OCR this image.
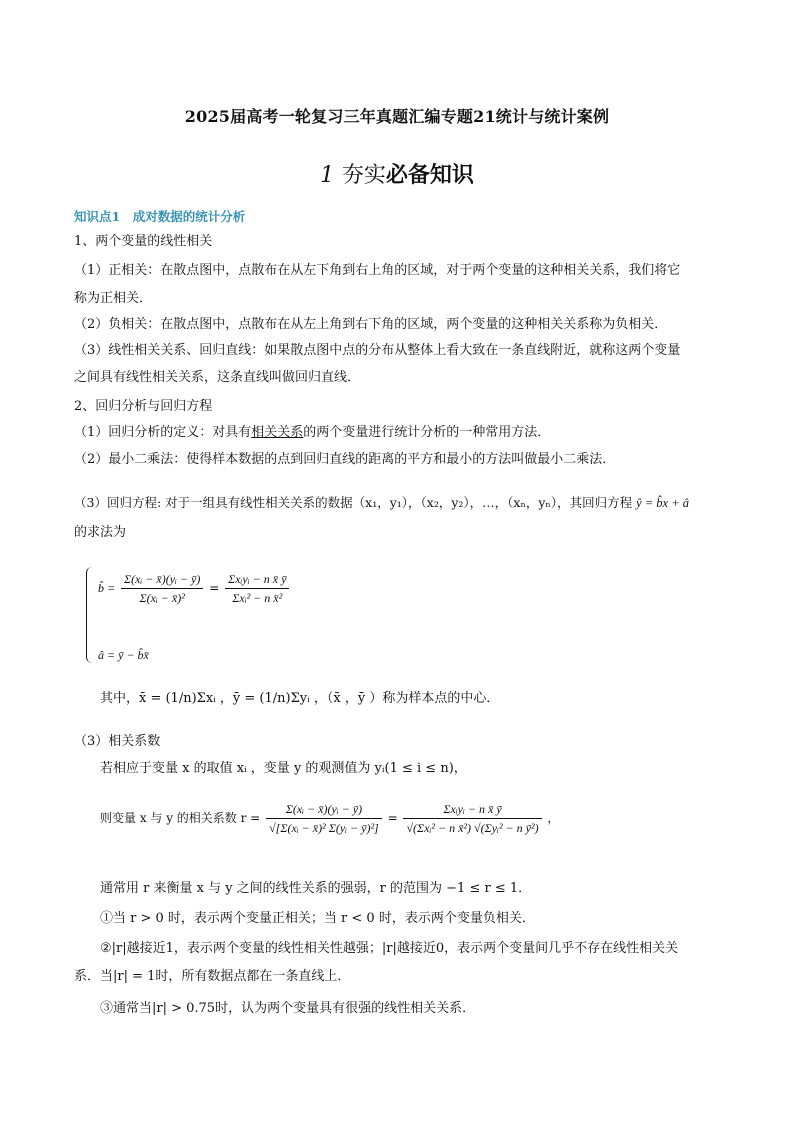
2025届高考一轮复习三年真题汇编专题21统计与统计案例
1 夯实必备知识
知识点1　成对数据的统计分析
1、两个变量的线性相关
（1）正相关：在散点图中，点散布在从左下角到右上角的区域，对于两个变量的这种相关关系，我们将它
称为正相关．
（2）负相关：在散点图中，点散布在从左上角到右下角的区域，两个变量的这种相关关系称为负相关．
（3）线性相关关系、回归直线：如果散点图中点的分布从整体上看大致在一条直线附近，就称这两个变量
之间具有线性相关关系，这条直线叫做回归直线．
2、回归分析与回归方程
（1）回归分析的定义：对具有相关关系的两个变量进行统计分析的一种常用方法．
（2）最小二乘法：使得样本数据的点到回归直线的距离的平方和最小的方法叫做最小二乘法．
（3）回归方程: 对于一组具有线性相关关系的数据（x₁，y₁），（x₂，y₂），…，（xₙ，yₙ），其回归方程 ŷ = b̂x + â
的求法为
b̂ = $\frac{\text{Σ(xᵢ − x̄)(yᵢ − ȳ)}}{\text{Σ(xᵢ − x̄)²}} = \frac{\text{Σxᵢyᵢ − n x̄ ȳ}}{\text{Σxᵢ² − n x̄²}}$
â = ȳ − b̂x̄
其中，x̄ = (1/n)Σxᵢ ，ȳ = (1/n)Σyᵢ ，（x̄ ，ȳ ）称为样本点的中心．
（3）相关系数
若相应于变量 x 的取值 xᵢ ，变量 y 的观测值为 yᵢ(1 ≤ i ≤ n)，
则变量 x 与 y 的相关系数 $r = \frac{\text{Σ(xᵢ − x̄)(yᵢ − ȳ)}}{\text{√[Σ(xᵢ − x̄)² Σ(yᵢ − ȳ)²]}} = \frac{\text{Σxᵢyᵢ − n x̄ ȳ}}{\text{√(Σxᵢ² − n x̄²) √(Σyᵢ² − n ȳ²)}}$ ，
通常用 r 来衡量 x 与 y 之间的线性关系的强弱，r 的范围为 −1 ≤ r ≤ 1．
①当 r > 0 时，表示两个变量正相关；当 r < 0 时，表示两个变量负相关．
②|r|越接近1，表示两个变量的线性相关性越强；|r|越接近0，表示两个变量间几乎不存在线性相关关
系．当|r| = 1时，所有数据点都在一条直线上．
③通常当|r| > 0.75时，认为两个变量具有很强的线性相关关系．
